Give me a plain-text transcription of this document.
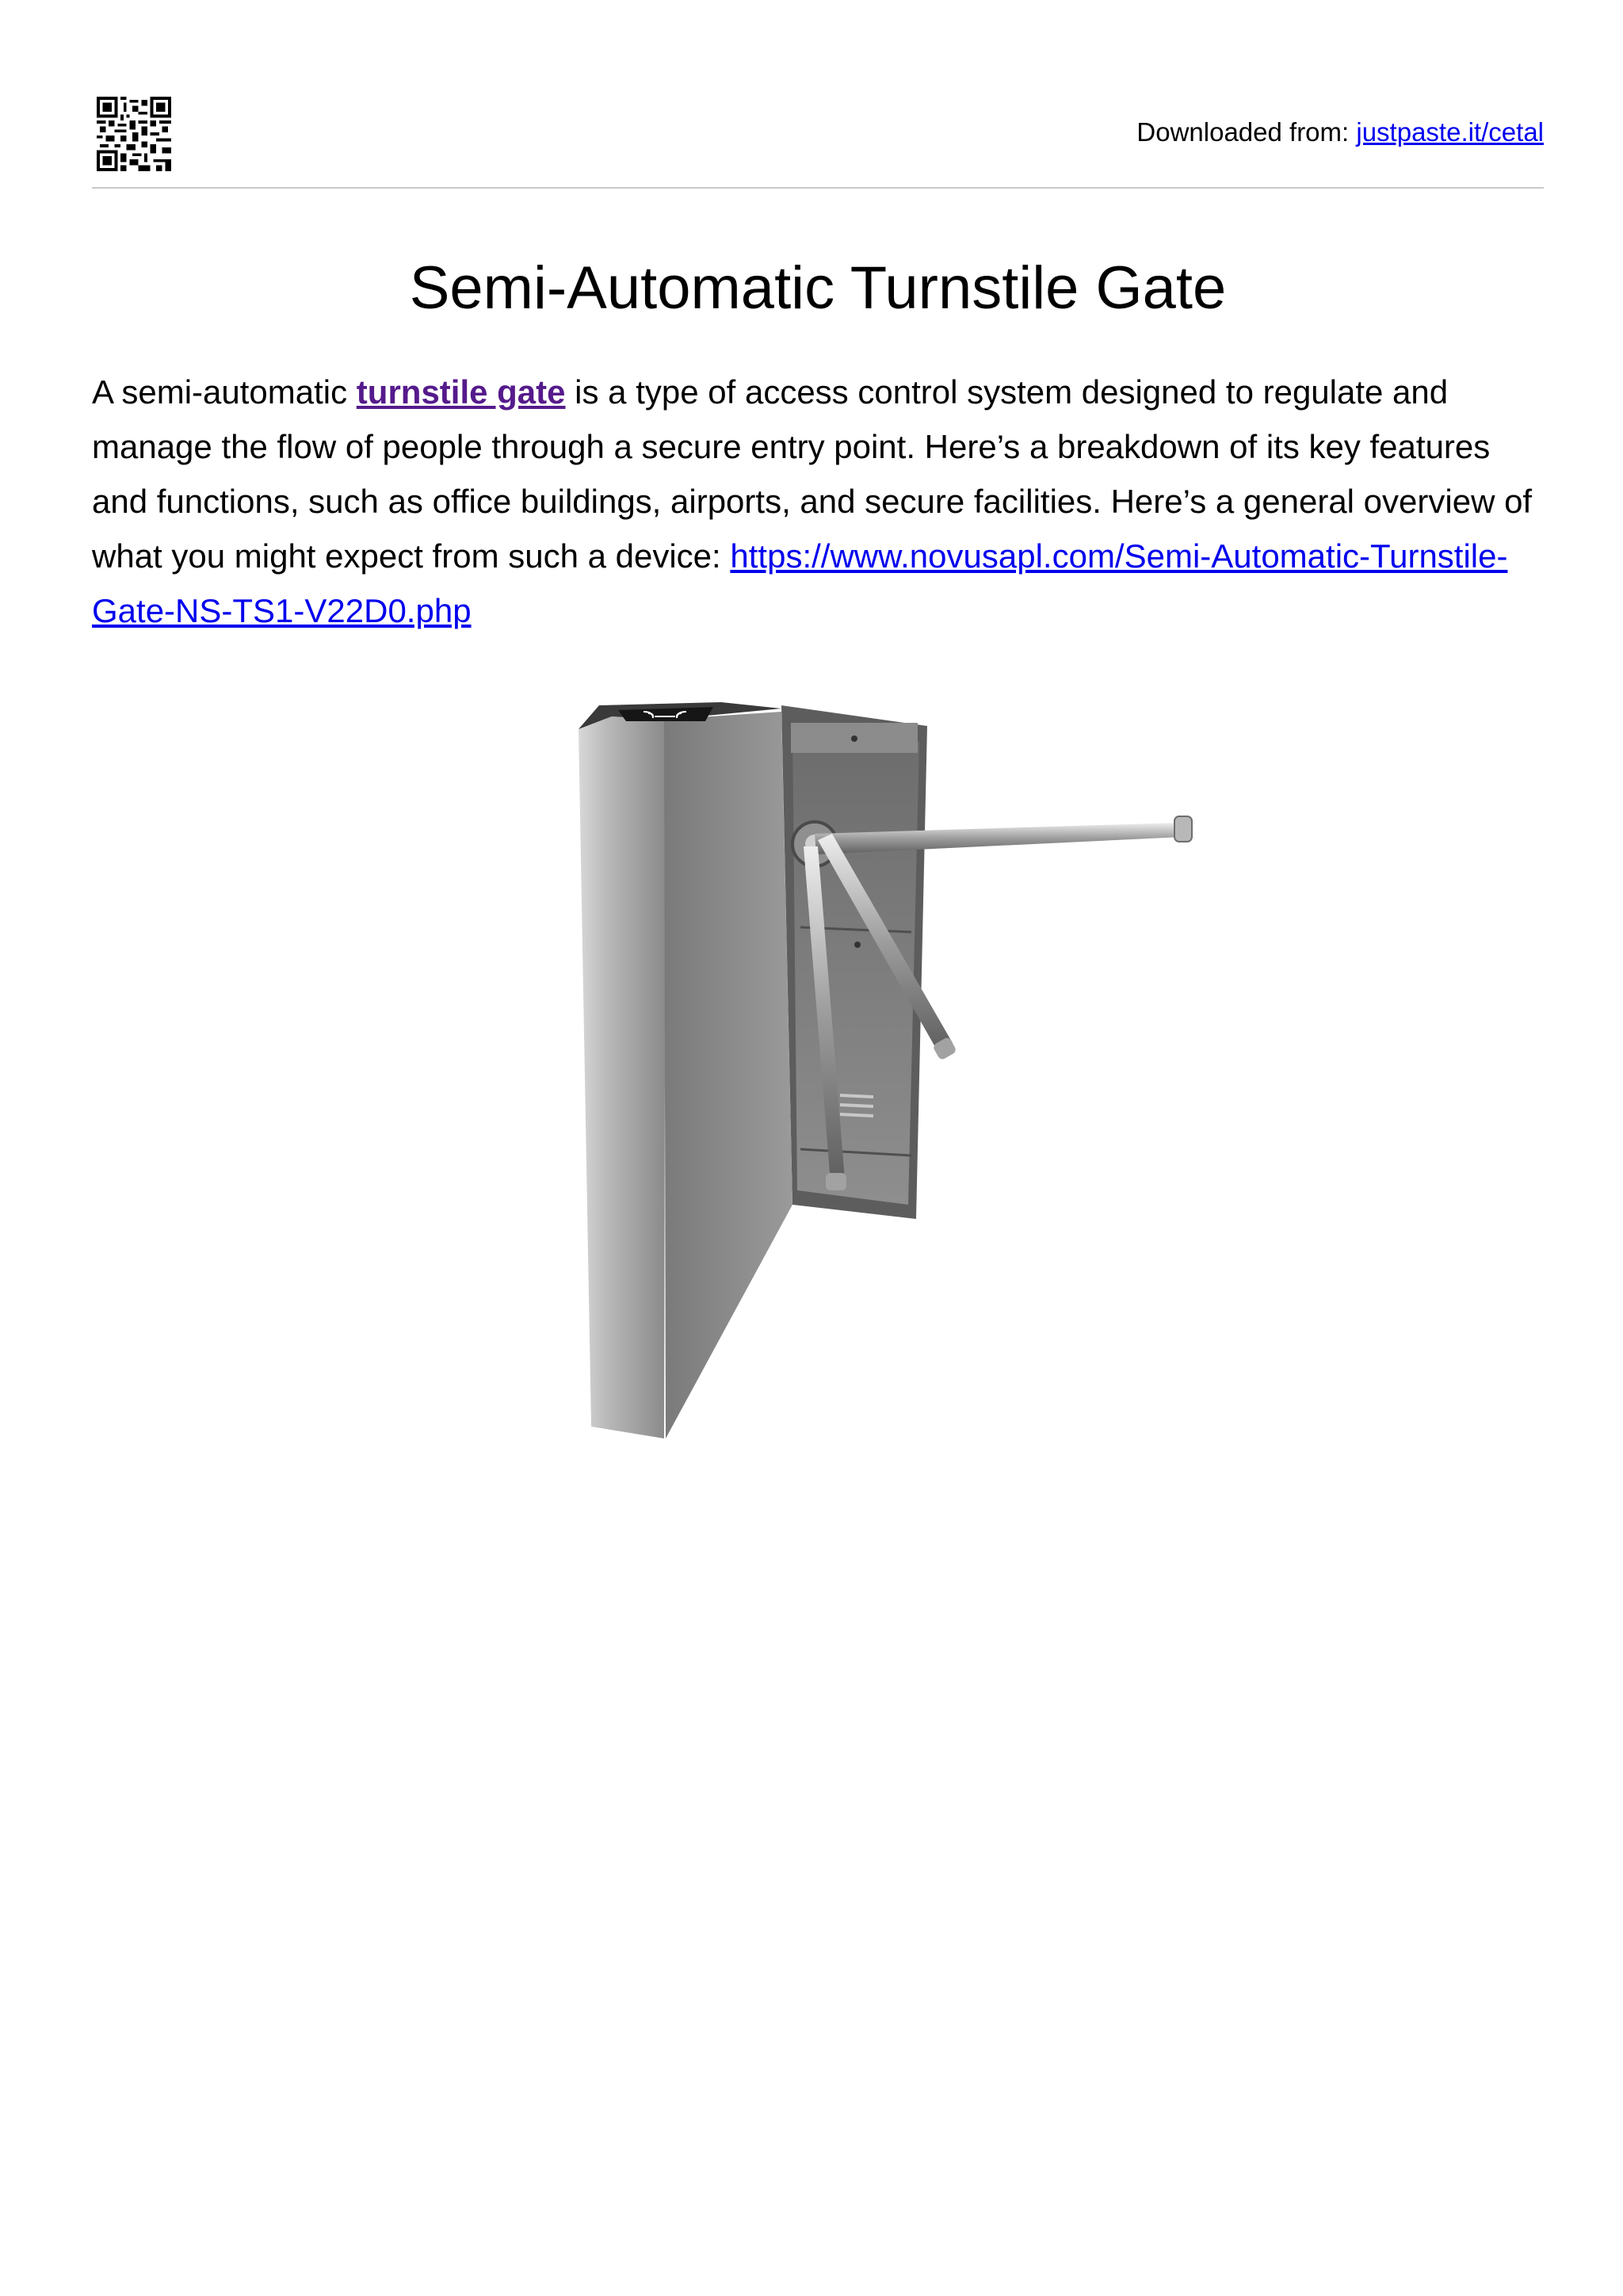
Downloaded from: justpaste.it/cetal
Semi-Automatic Turnstile Gate

A semi-automatic turnstile gate is a type of access control system designed to regulate and manage the flow of people through a secure entry point. Here’s a breakdown of its key features and functions, such as office buildings, airports, and secure facilities. Here’s a general overview of what you might expect from such a device: https://www.novusapl.com/Semi-Automatic-Turnstile-Gate-NS-TS1-V22D0.php
